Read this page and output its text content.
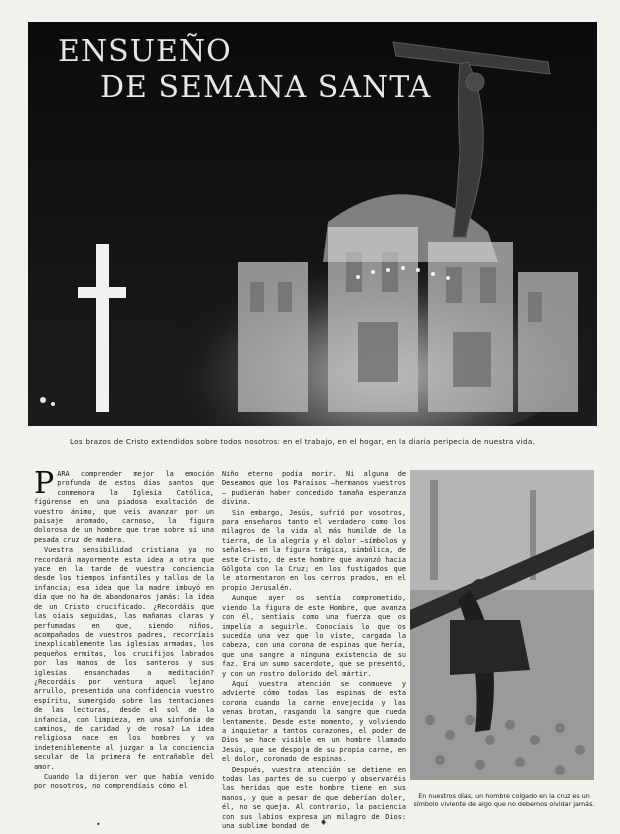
ENSUEÑO
DE SEMANA SANTA
Los brazos de Cristo extendidos sobre todos nosotros: en el trabajo, en el hogar, en la diaria peripecia de nuestra vida.

PARA comprender mejor la emoción profunda de estos días santos que conmemora la Iglesia Católica, figúrense en una piadosa exaltación de vuestro ánimo, que veís avanzar por un paisaje aromado, carnoso, la figura dolorosa de un hombre que trae sobre sí una pesada cruz de madera.

Vuestra sensibilidad cristiana ya no recordará mayormente esta idea a otra que yace en la tarde de vuestra conciencia desde los tiempos infantiles y tallos de la infancia; esa idea que la madre imbuyó en día que no ha de abandonaros jamás: la idea de un Cristo crucificado. ¿Recordáis que las oíais seguidas, las mañanas claras y perfumadas en que, siendo niños, acompañados de vuestros padres, recorríais inexplicablemente las iglesias armadas, los pequeños ermitas, los crucifijos labrados por las manos de los santeros y sus iglesias ensanchadas a meditación? ¿Recordáis por ventura aquel lejano arrullo, presentida una confidencia vuestro espíritu, sumergido sobre las tentaciones de las lecturas, desde el sol de la infancia, con limpieza, en una sinfonía de caminos, de caridad y de rosa? La idea religiosa nace en los hombres y va indeteniblemente al juzgar a la conciencia secular de la primera fe entrañable del amor.

Cuando la dijeron ver que había venido por nosotros, no comprendíais cómo el

Niño eterno podía morir. Ni alguna de Deseamos que los Paraísos —hermanos vuestros— pudieran haber concedido tamaña esperanza divina.

Sin embargo, Jesús, sufrió por vosotros, para enseñaros tanto el verdadero como los milagros de la vida al más humilde de la tierra, de la alegría y el dolor —símbolos y señales— en la figura trágica, simbólica, de este Cristo, de este hombre que avanzó hacia Gólgota con la Cruz; en los fustigados que le atormentaron en los cerros prados, en el propio Jerusalén.

Aunque ayer os sentía comprometido, viendo la figura de este Hombre, que avanza con él, sentíais como una fuerza que os impelía a seguirle. Conocíais lo que os sucedía una vez que lo viste, cargada la cabeza, con una corona de espinas que hería, que una sangre a ninguna existencia de su faz. Era un sumo sacerdote, que se presentó, y con un rostro dolorido del mártir.

Aquí vuestra atención se conmueve y advierte cómo todas las espinas de esta corona cuando la carne envejecida y las venas brotan, rasgando la sangre que rueda lentamente. Desde este momento, y volviendo a inquietar a tantos corazones, el poder de Dios se hace visible en un hombre llamado Jesús, que se despoja de su propia carne, en el dolor, coronado de espinas.

Después, vuestra atención se detiene en todas las partes de su cuerpo y observaréis las heridas que este hombre tiene en sus manos, y que a pesar de que deberían doler, él, no se queja. Al contrario, la paciencia con sus labios expresa un milagro de Dios: una sublime bondad de

En nuestros días, un hombre colgado en la cruz es un símbolo viviente de algo que no debemos olvidar jamás.
•	♦
